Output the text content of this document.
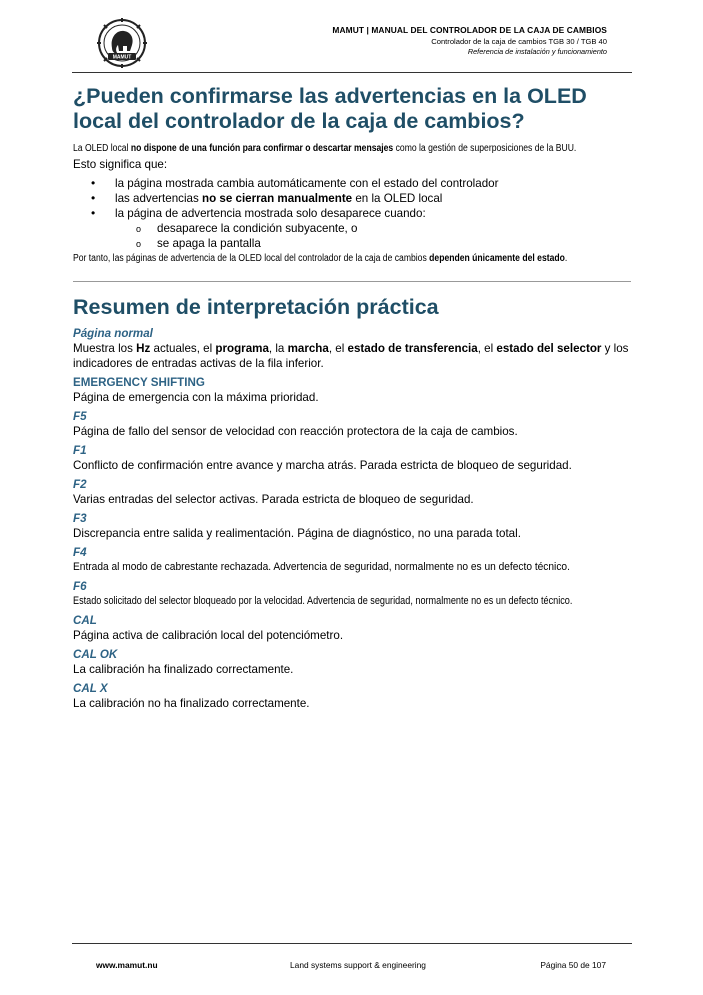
MAMUT
MAMUT | MANUAL DEL CONTROLADOR DE LA CAJA DE CAMBIOS
Controlador de la caja de cambios TGB 30 / TGB 40
Referencia de instalación y funcionamiento
¿Pueden confirmarse las advertencias en la OLED local del controlador de la caja de cambios?
La OLED local no dispone de una función para confirmar o descartar mensajes como la gestión de superposiciones de la BUU.
Esto significa que:
• la página mostrada cambia automáticamente con el estado del controlador
• las advertencias no se cierran manualmente en la OLED local
• la página de advertencia mostrada solo desaparece cuando:
o desaparece la condición subyacente, o
o se apaga la pantalla
Por tanto, las páginas de advertencia de la OLED local del controlador de la caja de cambios dependen únicamente del estado.
Resumen de interpretación práctica
Página normal
Muestra los Hz actuales, el programa, la marcha, el estado de transferencia, el estado del selector y los indicadores de entradas activas de la fila inferior.
EMERGENCY SHIFTING
Página de emergencia con la máxima prioridad.
F5
Página de fallo del sensor de velocidad con reacción protectora de la caja de cambios.
F1
Conflicto de confirmación entre avance y marcha atrás. Parada estricta de bloqueo de seguridad.
F2
Varias entradas del selector activas. Parada estricta de bloqueo de seguridad.
F3
Discrepancia entre salida y realimentación. Página de diagnóstico, no una parada total.
F4
Entrada al modo de cabrestante rechazada. Advertencia de seguridad, normalmente no es un defecto técnico.
F6
Estado solicitado del selector bloqueado por la velocidad. Advertencia de seguridad, normalmente no es un defecto técnico.
CAL
Página activa de calibración local del potenciómetro.
CAL OK
La calibración ha finalizado correctamente.
CAL X
La calibración no ha finalizado correctamente.
www.mamut.nu	Land systems support & engineering	Página 50 de 107
